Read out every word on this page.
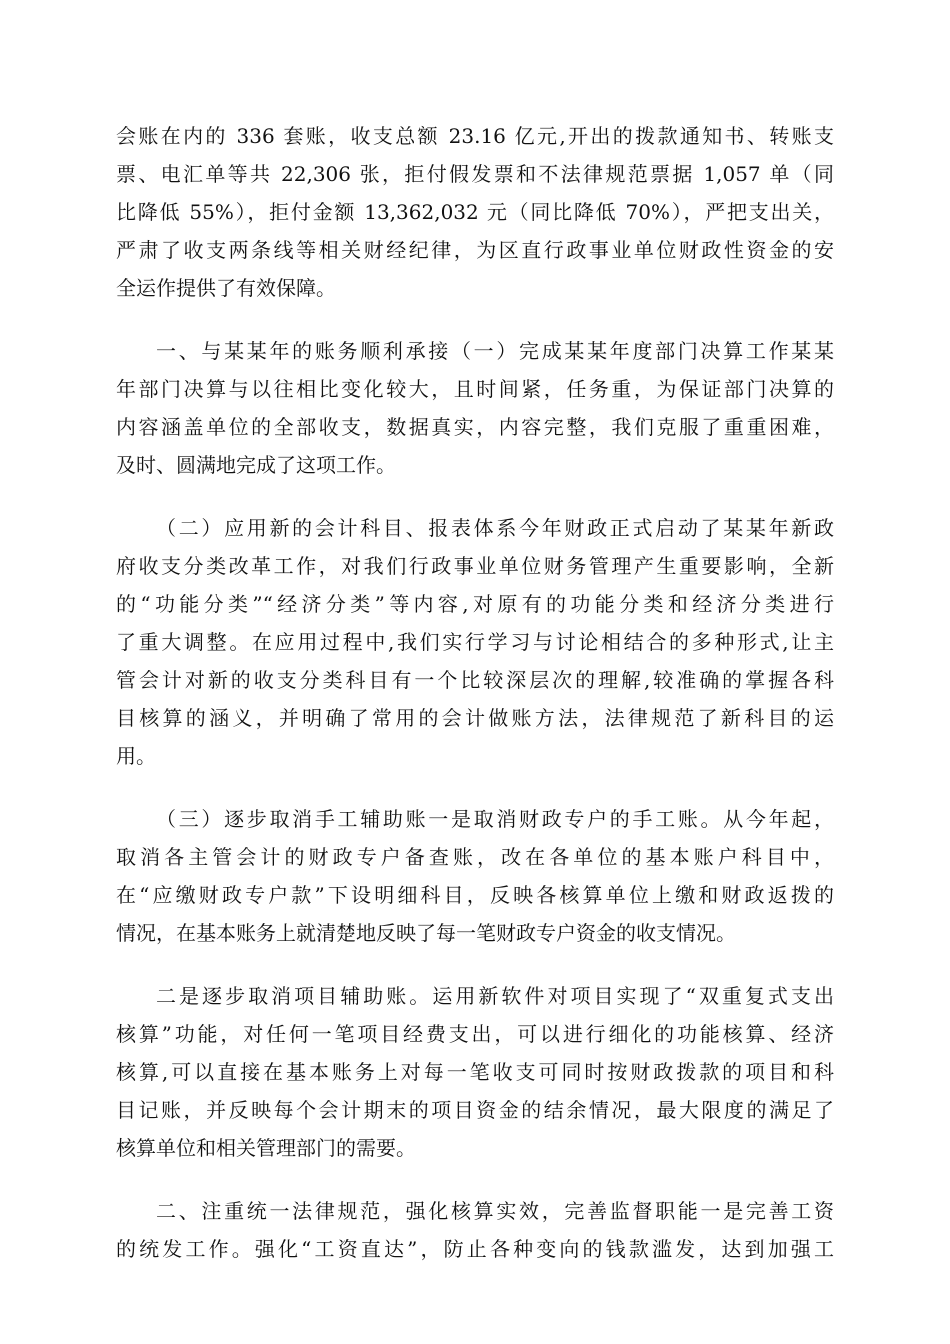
会账在内的 336 套账，收支总额 23.16 亿元,开出的拨款通知书、转账支
票、电汇单等共 22,306 张，拒付假发票和不法律规范票据 1,057 单（同
比降低 55%），拒付金额 13,362,032 元（同比降低 70%），严把支出关，
严肃了收支两条线等相关财经纪律，为区直行政事业单位财政性资金的安
全运作提供了有效保障。

一、与某某年的账务顺利承接（一）完成某某年度部门决算工作某某
年部门决算与以往相比变化较大，且时间紧，任务重，为保证部门决算的
内容涵盖单位的全部收支，数据真实，内容完整，我们克服了重重困难，
及时、圆满地完成了这项工作。

（二）应用新的会计科目、报表体系今年财政正式启动了某某年新政
府收支分类改革工作，对我们行政事业单位财务管理产生重要影响，全新
的“功能分类”“经济分类”等内容,对原有的功能分类和经济分类进行
了重大调整。在应用过程中,我们实行学习与讨论相结合的多种形式,让主
管会计对新的收支分类科目有一个比较深层次的理解,较准确的掌握各科
目核算的涵义，并明确了常用的会计做账方法，法律规范了新科目的运
用。

（三）逐步取消手工辅助账一是取消财政专户的手工账。从今年起，
取消各主管会计的财政专户备查账，改在各单位的基本账户科目中，
在“应缴财政专户款”下设明细科目，反映各核算单位上缴和财政返拨的
情况，在基本账务上就清楚地反映了每一笔财政专户资金的收支情况。

二是逐步取消项目辅助账。运用新软件对项目实现了“双重复式支出
核算”功能，对任何一笔项目经费支出，可以进行细化的功能核算、经济
核算,可以直接在基本账务上对每一笔收支可同时按财政拨款的项目和科
目记账，并反映每个会计期末的项目资金的结余情况，最大限度的满足了
核算单位和相关管理部门的需要。

二、注重统一法律规范，强化核算实效，完善监督职能一是完善工资
的统发工作。强化“工资直达”，防止各种变向的钱款滥发，达到加强工
